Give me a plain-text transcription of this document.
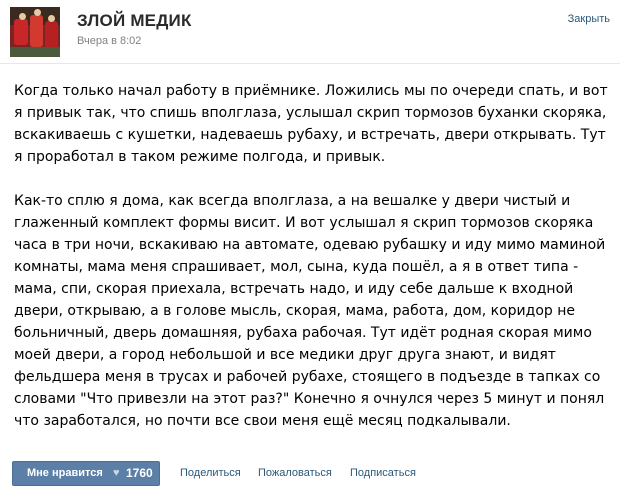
ЗЛОЙ МЕДИК
Вчера в 8:02
Закрыть

Когда только начал работу в приёмнике. Ложились мы по очереди спать, и вот я привык так, что спишь вполглаза, услышал скрип тормозов буханки скоряка, вскакиваешь с кушетки, надеваешь рубаху, и встречать, двери открывать. Тут я проработал в таком режиме полгода, и привык.

Как-то сплю я дома, как всегда вполглаза, а на вешалке у двери чистый и глаженный комплект формы висит. И вот услышал я скрип тормозов скоряка часа в три ночи, вскакиваю на автомате, одеваю рубашку и иду мимо маминой комнаты, мама меня спрашивает, мол, сына, куда пошёл, а я в ответ типа - мама, спи, скорая приехала, встречать надо, и иду себе дальше к входной двери, открываю, а в голове мысль, скорая, мама, работа, дом, коридор не больничный, дверь домашняя, рубаха рабочая. Тут идёт родная скорая мимо моей двери, а город небольшой и все медики друг друга знают, и видят фельдшера меня в трусах и рабочей рубахе, стоящего в подъезде в тапках со словами "Что привезли на этот раз?" Конечно я очнулся через 5 минут и понял что заработался, но почти все свои меня ещё месяц подкалывали.

Мне нравится ♥ 1760 Поделиться Пожаловаться Подписаться
